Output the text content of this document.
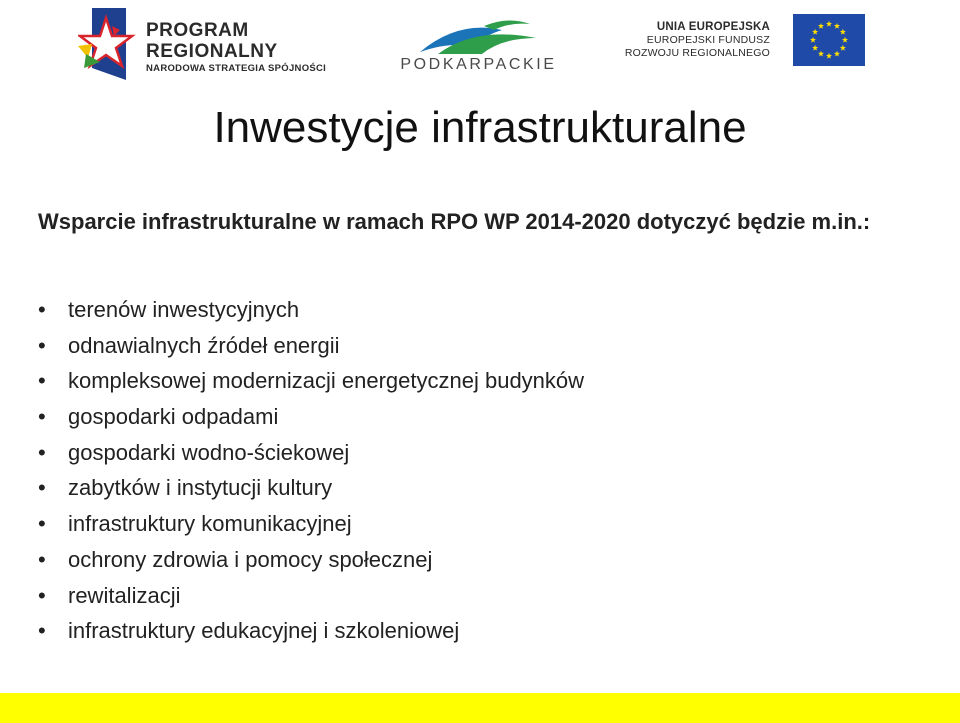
PROGRAM
REGIONALNY
NARODOWA STRATEGIA SPÓJNOŚCI	PODKARPACKIE
UNIA EUROPEJSKA
EUROPEJSKI FUNDUSZ
ROZWOJU REGIONALNEGO
Inwestycje infrastrukturalne
Wsparcie infrastrukturalne w ramach RPO WP 2014-2020 dotyczyć będzie m.in.:
• terenów inwestycyjnych
• odnawialnych źródeł energii
• kompleksowej modernizacji energetycznej budynków
• gospodarki odpadami
• gospodarki wodno-ściekowej
• zabytków i instytucji kultury
• infrastruktury komunikacyjnej
• ochrony zdrowia i pomocy społecznej
• rewitalizacji
• infrastruktury edukacyjnej i szkoleniowej
